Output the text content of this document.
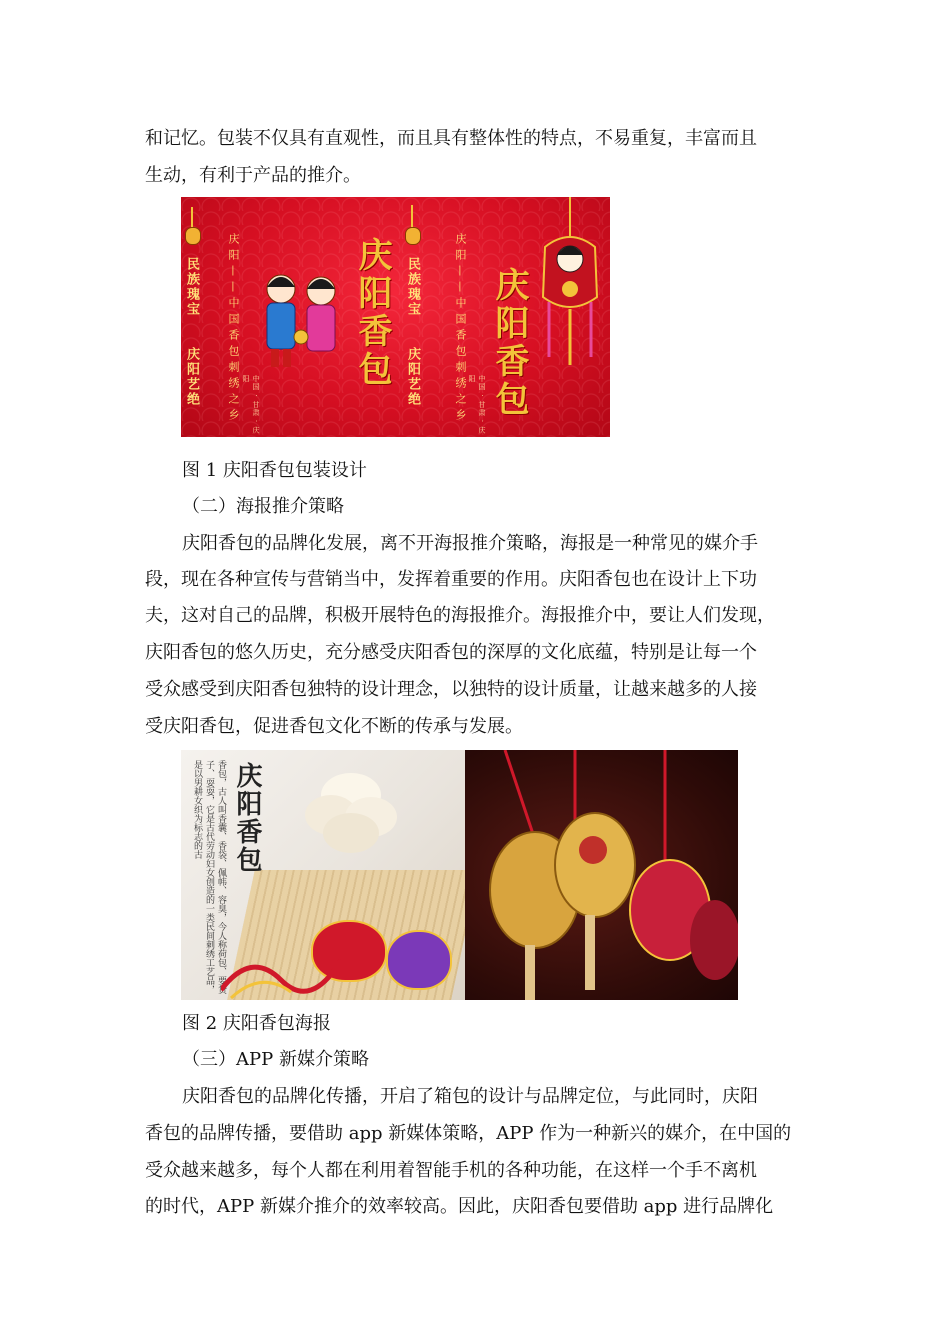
和记忆。包装不仅具有直观性，而且具有整体性的特点，不易重复，丰富而且
生动，有利于产品的推介。
民族瑰宝
庆阳艺绝	庆阳——中国香包刺绣之乡	中国 · 甘肃 · 庆阳	庆阳香包	民族瑰宝
庆阳艺绝	庆阳——中国香包刺绣之乡	中国 · 甘肃 · 庆阳 庆阳香包
图 1 庆阳香包包装设计
（二）海报推介策略
庆阳香包的品牌化发展，离不开海报推介策略，海报是一种常见的媒介手
段，现在各种宣传与营销当中，发挥着重要的作用。庆阳香包也在设计上下功
夫，这对自己的品牌，积极开展特色的海报推介。海报推介中，要让人们发现，
庆阳香包的悠久历史，充分感受庆阳香包的深厚的文化底蕴，特别是让每一个
受众感受到庆阳香包独特的设计理念，以独特的设计质量，让越来越多的人接
受庆阳香包，促进香包文化不断的传承与发展。
庆阳香包
香包，古人叫香囊、香袋、佩帏、容臭，今人称荷包、要货子、耍耍，它是古代劳动妇女创造的一类民间刺绣工艺品，是以男耕女织为标志的古
图 2 庆阳香包海报
（三）APP 新媒介策略
庆阳香包的品牌化传播，开启了箱包的设计与品牌定位，与此同时，庆阳
香包的品牌传播，要借助 app 新媒体策略，APP 作为一种新兴的媒介，在中国的
受众越来越多，每个人都在利用着智能手机的各种功能，在这样一个手不离机
的时代，APP 新媒介推介的效率较高。因此，庆阳香包要借助 app 进行品牌化
